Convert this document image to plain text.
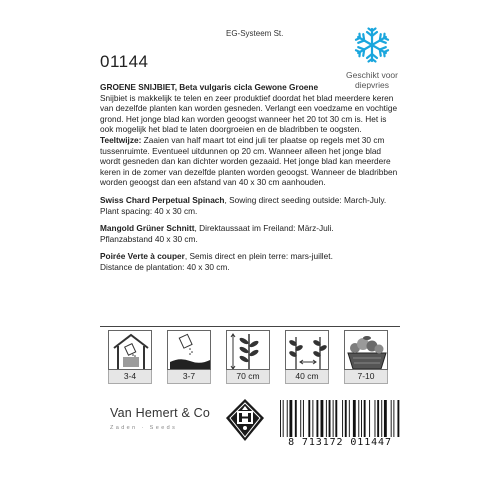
EG-Systeem St.
01144
Geschikt voor
diepvries
GROENE SNIJBIET, Beta vulgaris cicla Gewone Groene
Snijbiet is makkelijk te telen en zeer produktief doordat het blad meerdere keren van dezelfde planten kan worden gesneden. Verlangt een voedzame en vochtige grond. Het jonge blad kan worden geoogst wanneer het 20 tot 30 cm is. Het is ook mogelijk het blad te laten doorgroeien en de bladribben te oogsten. Teeltwijze: Zaaien van half maart tot eind juli ter plaatse op regels met 30 cm tussenruimte. Eventueel uitdunnen op 20 cm. Wanneer alleen het jonge blad wordt gesneden dan kan dichter worden gezaaid. Het jonge blad kan meerdere keren in de zomer van dezelfde planten worden geoogst. Wanneer de bladribben worden geoogst dan een afstand van 40 x 30 cm aanhouden.
Swiss Chard Perpetual Spinach, Sowing direct seeding outside: March-July.
Plant spacing: 40 x 30 cm.
Mangold Grüner Schnitt, Direktaussaat im Freiland: März-Juli.
Pflanzabstand 40 x 30 cm.
Poirée Verte à couper, Semis direct en plein terre: mars-juillet.
Distance de plantation: 40 x 30 cm.
3-4	3-7	70 cm	40 cm	7-10
Van Hemert & Co
Zaden · Seeds
8 713172 011447
